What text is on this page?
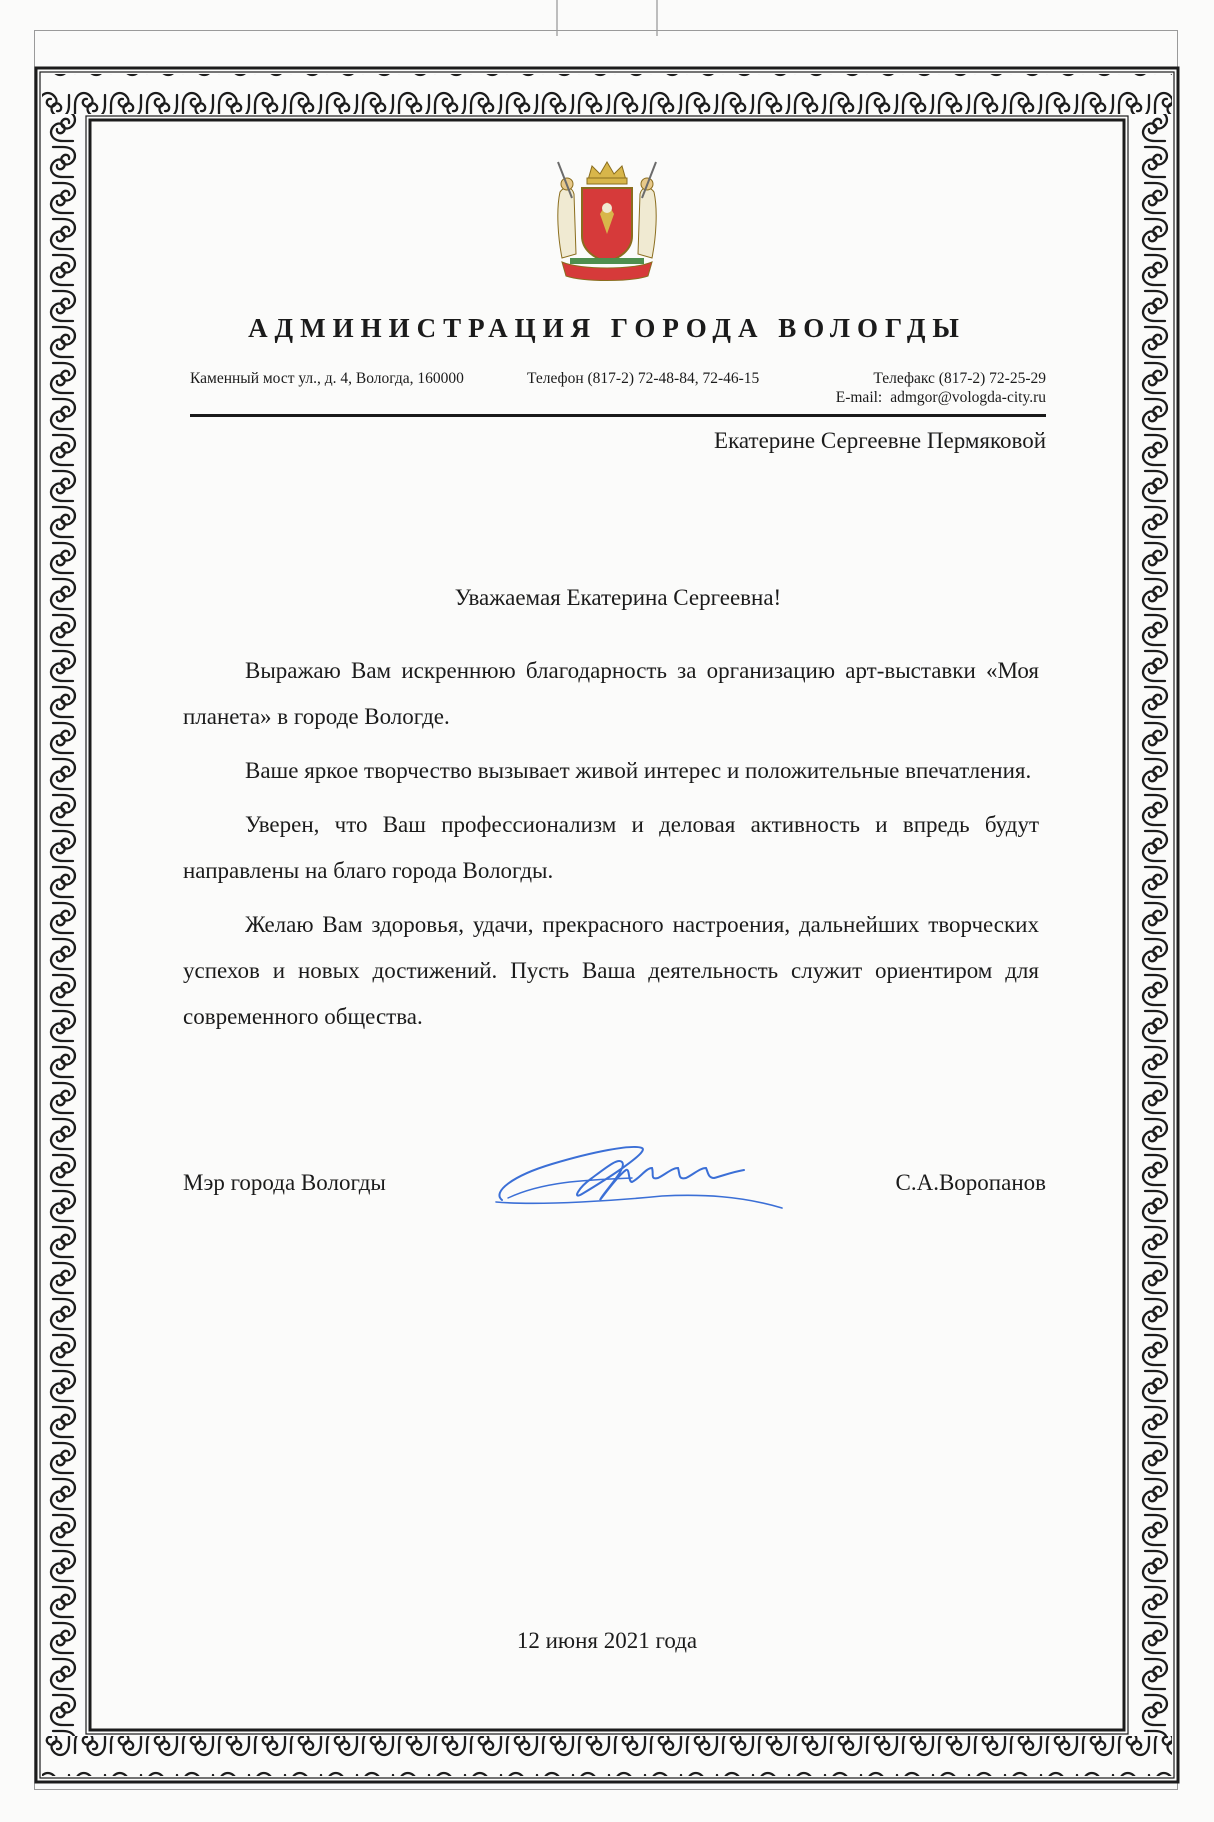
АДМИНИСТРАЦИЯ ГОРОДА ВОЛОГДЫ
Каменный мост ул., д. 4, Вологда, 160000	Телефон (817-2) 72-48-84, 72-46-15	Телефакс (817-2) 72-25-29
E-mail: admgor@vologda-city.ru
Екатерине Сергеевне Пермяковой
Уважаемая Екатерина Сергеевна!

Выражаю Вам искреннюю благодарность за организацию арт-выставки «Моя планета» в городе Вологде.

Ваше яркое творчество вызывает живой интерес и положительные впечатления.

Уверен, что Ваш профессионализм и деловая активность и впредь будут направлены на благо города Вологды.

Желаю Вам здоровья, удачи, прекрасного настроения, дальнейших творческих успехов и новых достижений. Пусть Ваша деятельность служит ориентиром для современного общества.

Мэр города Вологды	С.А.Воропанов
12 июня 2021 года
